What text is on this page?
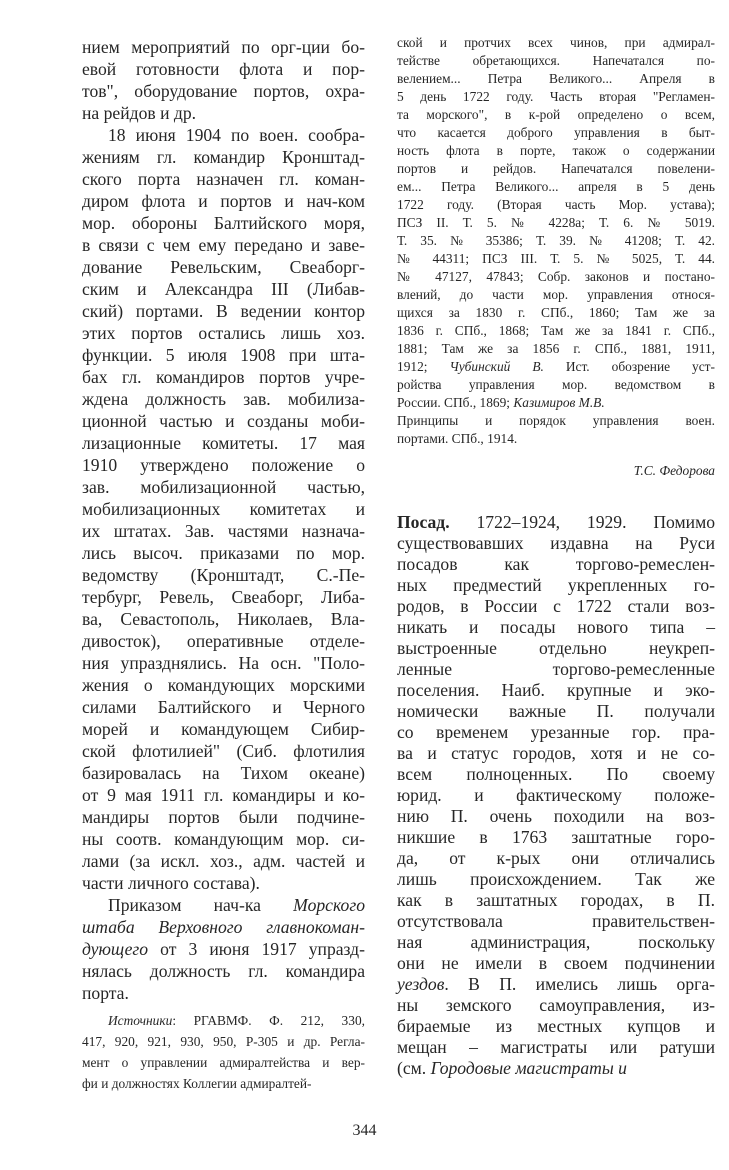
нием мероприятий по орг-ции бо-
евой готовности флота и пор-
тов", оборудование портов, охра-
на рейдов и др.
18 июня 1904 по воен. сообра-
жениям гл. командир Кронштад-
ского порта назначен гл. коман-
диром флота и портов и нач-ком
мор. обороны Балтийского моря,
в связи с чем ему передано и заве-
дование Ревельским, Свеаборг-
ским и Александра III (Либав-
ский) портами. В ведении контор
этих портов остались лишь хоз.
функции. 5 июля 1908 при шта-
бах гл. командиров портов учре-
ждена должность зав. мобилиза-
ционной частью и созданы моби-
лизационные комитеты. 17 мая
1910 утверждено положение о
зав. мобилизационной частью,
мобилизационных комитетах и
их штатах. Зав. частями назнача-
лись высоч. приказами по мор.
ведомству (Кронштадт, С.-Пе-
тербург, Ревель, Свеаборг, Либа-
ва, Севастополь, Николаев, Вла-
дивосток), оперативные отделе-
ния упразднялись. На осн. "Поло-
жения о командующих морскими
силами Балтийского и Черного
морей и командующем Сибир-
ской флотилией" (Сиб. флотилия
базировалась на Тихом океане)
от 9 мая 1911 гл. командиры и ко-
мандиры портов были подчине-
ны соотв. командующим мор. си-
лами (за искл. хоз., адм. частей и
части личного состава).
Приказом нач-ка Морского
штаба Верховного главнокоман-
дующего от 3 июня 1917 упразд-
нялась должность гл. командира
порта.
Источники: РГАВМФ. Ф. 212, 330,
417, 920, 921, 930, 950, Р-305 и др. Регла-
мент о управлении адмиралтейства и вер-
фи и должностях Коллегии адмиралтей-
ской и протчих всех чинов, при адмирал-
тействе обретающихся. Напечатался по-
велением... Петра Великого... Апреля в
5 день 1722 году. Часть вторая "Регламен-
та морского", в к-рой определено о всем,
что касается доброго управления в быт-
ность флота в порте, також о содержании
портов и рейдов. Напечатался повелени-
ем... Петра Великого... апреля в 5 день
1722 году. (Вторая часть Мор. устава);
ПСЗ II. Т. 5. № 4228а; Т. 6. № 5019.
Т. 35. № 35386; Т. 39. № 41208; Т. 42.
№ 44311; ПСЗ III. Т. 5. № 5025, Т. 44.
№ 47127, 47843; Собр. законов и постано-
влений, до части мор. управления относя-
щихся за 1830 г. СПб., 1860; Там же за
1836 г. СПб., 1868; Там же за 1841 г. СПб.,
1881; Там же за 1856 г. СПб., 1881, 1911,
1912; Чубинский В. Ист. обозрение уст-
ройства управления мор. ведомством в
России. СПб., 1869; Казимиров М.В.
Принципы и порядок управления воен.
портами. СПб., 1914.
Т.С. Федорова
Посад. 1722–1924, 1929. Помимо
существовавших издавна на Руси
посадов как торгово-ремеслен-
ных предместий укрепленных го-
родов, в России с 1722 стали воз-
никать и посады нового типа –
выстроенные отдельно неукреп-
ленные торгово-ремесленные
поселения. Наиб. крупные и эко-
номически важные П. получали
со временем урезанные гор. пра-
ва и статус городов, хотя и не со-
всем полноценных. По своему
юрид. и фактическому положе-
нию П. очень походили на воз-
никшие в 1763 заштатные горо-
да, от к-рых они отличались
лишь происхождением. Так же
как в заштатных городах, в П.
отсутствовала правительствен-
ная администрация, поскольку
они не имели в своем подчинении
уездов. В П. имелись лишь орга-
ны земского самоуправления, из-
бираемые из местных купцов и
мещан – магистраты или ратуши
(см. Городовые магистраты и
344
